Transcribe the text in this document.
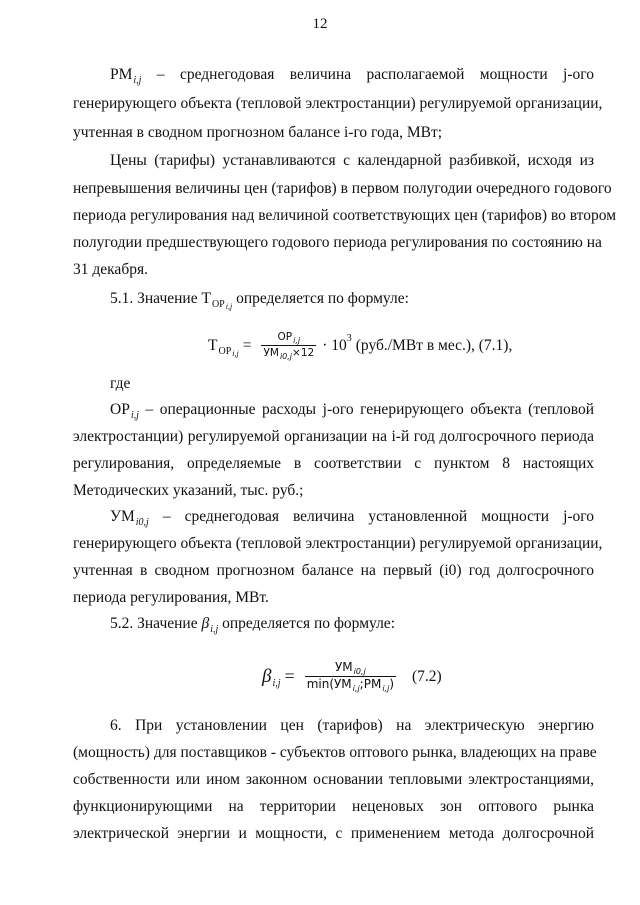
12
$PM_{i,j}$ – среднегодовая величина располагаемой мощности j-ого
генерирующего объекта (тепловой электростанции) регулируемой организации,
учтенная в сводном прогнозном балансе i-го года, МВт;
Цены (тарифы) устанавливаются с календарной разбивкой, исходя из
непревышения величины цен (тарифов) в первом полугодии очередного годового
периода регулирования над величиной соответствующих цен (тарифов) во втором
полугодии предшествующего годового периода регулирования по состоянию на
31 декабря.
5.1. Значение $T_{OPi,j}$ определяется по формуле:
$T_{OPi,j} = \frac{OP_{i,j}}{УМ_{i0,j}\times 12} \cdot 10$ 3 (руб./МВт в мес.), (7.1),
где
$OP_{i,j}$ – операционные расходы j-ого генерирующего объекта (тепловой
электростанции) регулируемой организации на i-й год долгосрочного периода
регулирования, определяемые в соответствии с пунктом 8 настоящих
Методических указаний, тыс. руб.;
$УМ_{i0,j}$ – среднегодовая величина установленной мощности j-ого
генерирующего объекта (тепловой электростанции) регулируемой организации,
учтенная в сводном прогнозном балансе на первый (i0) год долгосрочного
периода регулирования, МВт.
5.2. Значение $\beta_{i,j}$ определяется по формуле:
$\beta_{i,j} = \frac{УМ_{i0,j}}{\min(УМ_{i,j};PM_{i,j})} (7.2)$
6. При установлении цен (тарифов) на электрическую энергию
(мощность) для поставщиков - субъектов оптового рынка, владеющих на праве
собственности или ином законном основании тепловыми электростанциями,
функционирующими на территории неценовых зон оптового рынка
электрической энергии и мощности, с применением метода долгосрочной
